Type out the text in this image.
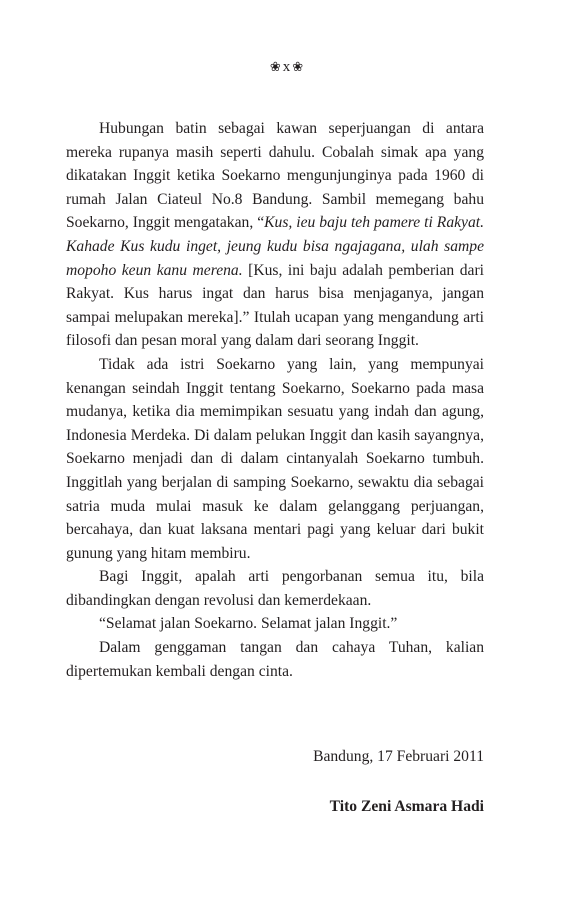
❀ x ❀

Hubungan batin sebagai kawan seperjuangan di antara mereka rupanya masih seperti dahulu. Cobalah simak apa yang dikatakan Inggit ketika Soekarno mengunjunginya pada 1960 di rumah Jalan Ciateul No.8 Bandung. Sambil memegang bahu Soekarno, Inggit mengatakan, “Kus, ieu baju teh pamere ti Rakyat. Kahade Kus kudu inget, jeung kudu bisa ngajagana, ulah sampe mopoho keun kanu merena. [Kus, ini baju adalah pemberian dari Rakyat. Kus harus ingat dan harus bisa menjaganya, jangan sampai melupakan mereka].” Itulah ucapan yang mengandung arti filosofi dan pesan moral yang dalam dari seorang Inggit.

Tidak ada istri Soekarno yang lain, yang mempunyai kenangan seindah Inggit tentang Soekarno, Soekarno pada masa mudanya, ketika dia memimpikan sesuatu yang indah dan agung, Indonesia Merdeka. Di dalam pelukan Inggit dan kasih sayangnya, Soekarno menjadi dan di dalam cintanyalah Soekarno tumbuh. Inggitlah yang berjalan di samping Soekarno, sewaktu dia sebagai satria muda mulai masuk ke dalam gelanggang perjuangan, bercahaya, dan kuat laksana mentari pagi yang keluar dari bukit gunung yang hitam membiru.

Bagi Inggit, apalah arti pengorbanan semua itu, bila dibandingkan dengan revolusi dan kemerdekaan.

“Selamat jalan Soekarno. Selamat jalan Inggit.”

Dalam genggaman tangan dan cahaya Tuhan, kalian dipertemukan kembali dengan cinta.

Bandung, 17 Februari 2011
Tito Zeni Asmara Hadi
